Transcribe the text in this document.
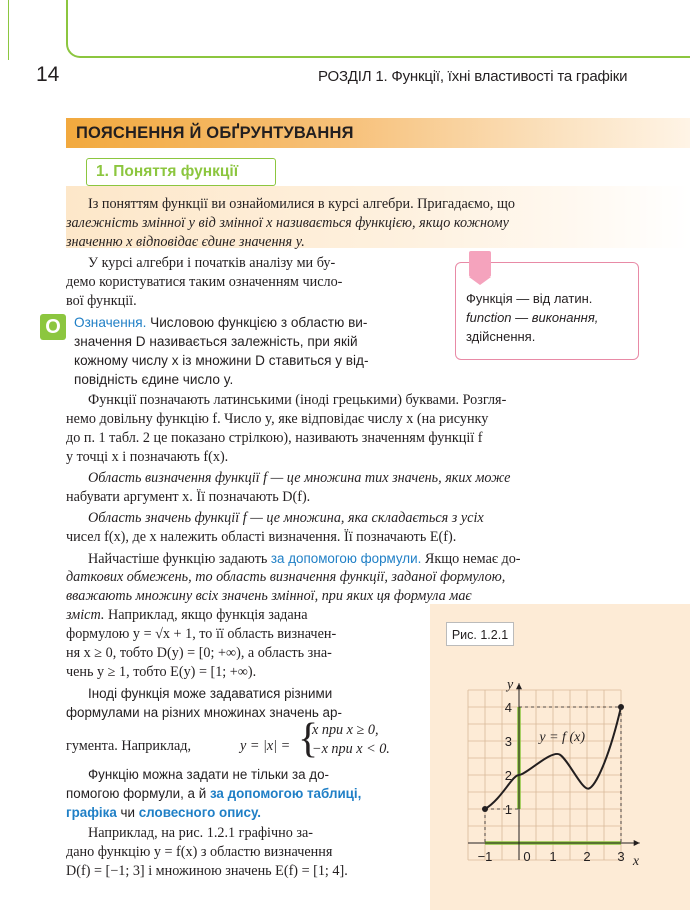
14	РОЗДІЛ 1. Функції, їхні властивості та графіки
ПОЯСНЕННЯ Й ОБҐРУНТУВАННЯ
1. Поняття функції
Із поняттям функції ви ознайомилися в курсі алгебри. Пригадаємо, що
залежність змінної y від змінної x називається функцією, якщо кожному
значенню x відповідає єдине значення y.
У курсі алгебри і початків аналізу ми бу-
демо користуватися таким означенням число-
вої функції.	Функція — від латин.
function — виконання,
здійснення.
О Означення. Числовою функцією з областю ви-
значення D називається залежність, при якій
кожному числу x із множини D ставиться у від-
повідність єдине число y.
Функції позначають латинськими (іноді грецькими) буквами. Розгля-
немо довільну функцію f. Число y, яке відповідає числу x (на рисунку
до п. 1 табл. 2 це показано стрілкою), називають значенням функції f
у точці x і позначають f(x).
Область визначення функції f — це множина тих значень, яких може
набувати аргумент x. Її позначають D(f).
Область значень функції f — це множина, яка складається з усіх
чисел f(x), де x належить області визначення. Її позначають E(f).
Найчастіше функцію задають за допомогою формули. Якщо немає до-
даткових обмежень, то область визначення функції, заданої формулою,
вважають множину всіх значень змінної, при яких ця формула має
зміст. Наприклад, якщо функція задана
формулою y = √x + 1, то її область визначен-
ня x ≥ 0, тобто D(y) = [0; +∞), а область зна-
чень y ≥ 1, тобто E(y) = [1; +∞).
Іноді функція може задаватися різними
формулами на різних множинах значень ар-
гумента. Наприклад,	y = |x| = {
x при x ≥ 0,
−x при x < 0.
Функцію можна задати не тільки за до-
помогою формули, а й за допомогою таблиці,
графіка чи словесного опису.
Наприклад, на рис. 1.2.1 графічно за-
дано функцію y = f(x) з областю визначення
D(f) = [−1; 3] і множиною значень E(f) = [1; 4].
Рис. 1.2.1
−1 0 1 2 3
1
2
3
4
x
y
y = f (x)
